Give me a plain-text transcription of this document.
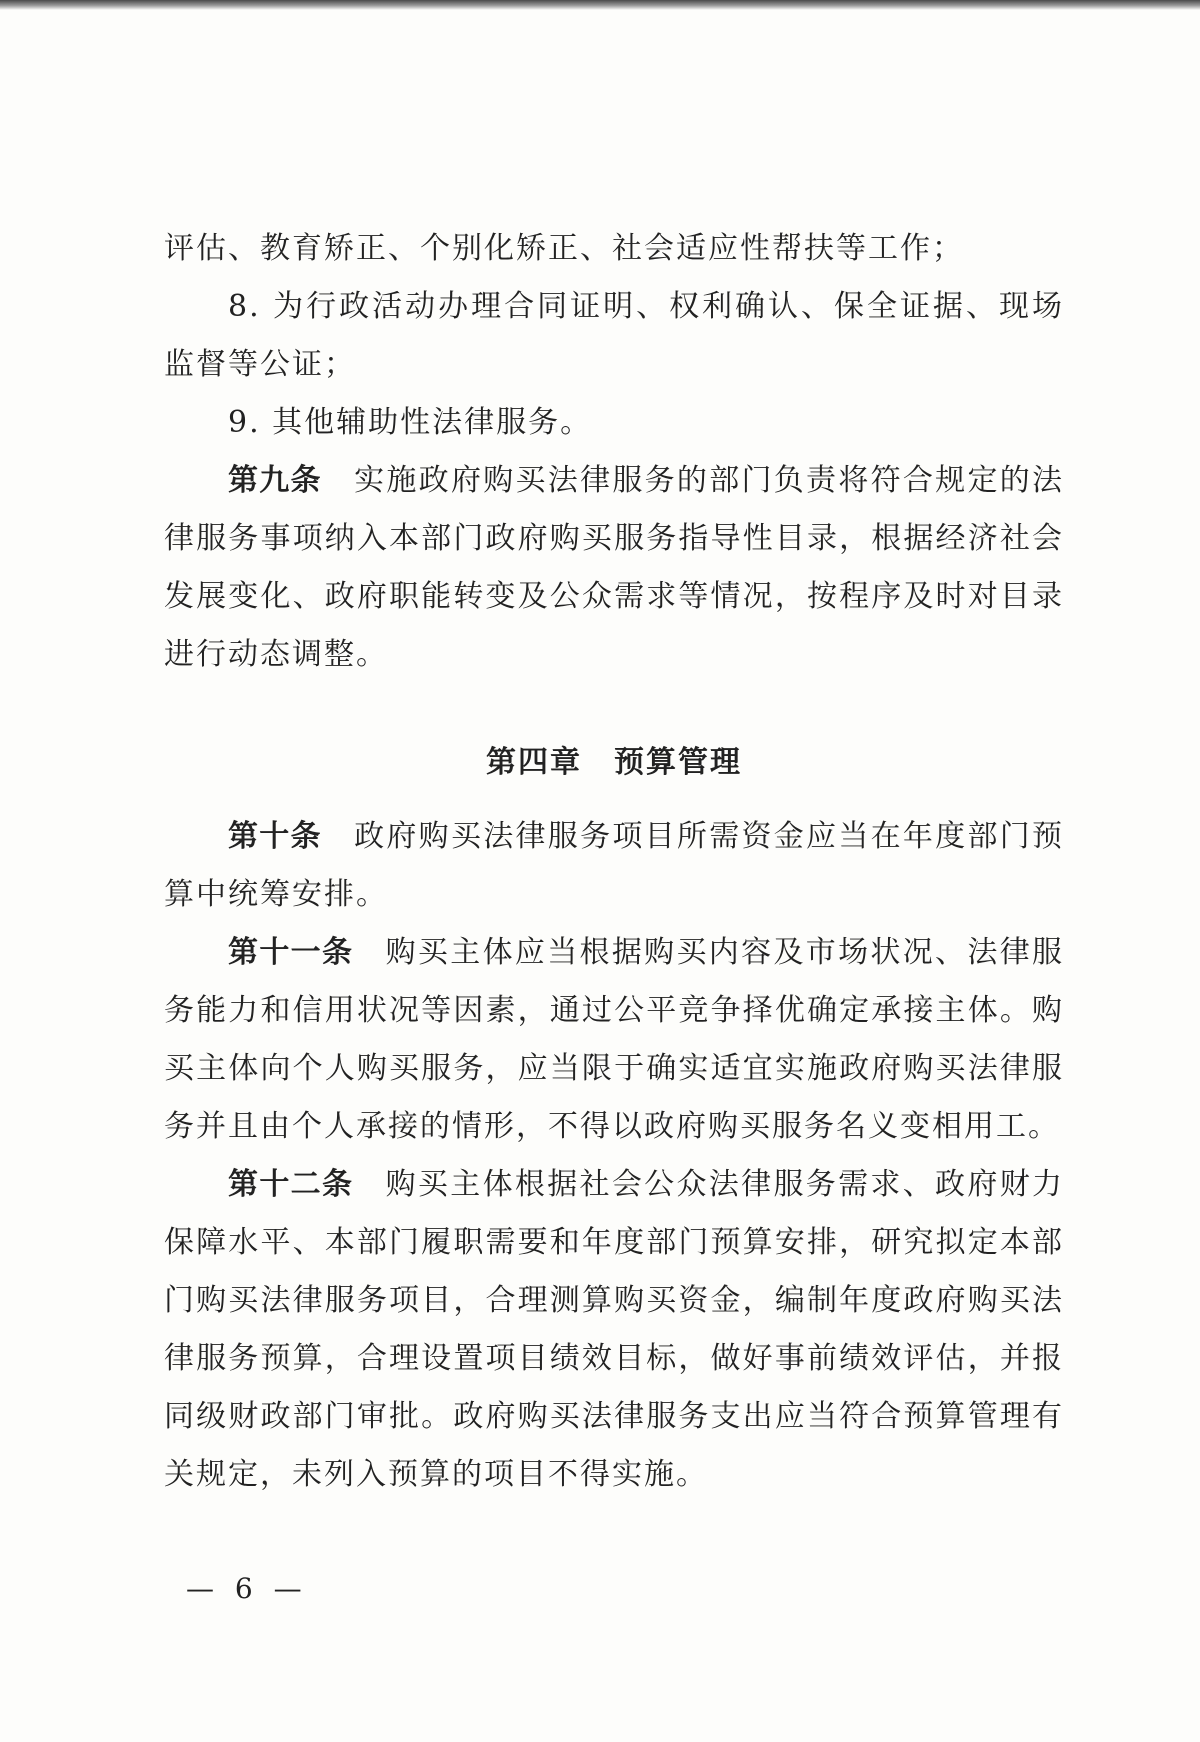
评估、教育矫正、个别化矫正、社会适应性帮扶等工作；
8. 为行政活动办理合同证明、权利确认、保全证据、现场
监督等公证；
9. 其他辅助性法律服务。
第九条　 实施政府购买法律服务的部门负责将符合规定的法
律服务事项纳入本部门政府购买服务指导性目录，根据经济社会
发展变化、政府职能转变及公众需求等情况，按程序及时对目录
进行动态调整。
第十条　 政府购买法律服务项目所需资金应当在年度部门预
算中统筹安排。
第十一条　 购买主体应当根据购买内容及市场状况、法律服
务能力和信用状况等因素，通过公平竞争择优确定承接主体。购
买主体向个人购买服务，应当限于确实适宜实施政府购买法律服
务并且由个人承接的情形，不得以政府购买服务名义变相用工。
第十二条　 购买主体根据社会公众法律服务需求、政府财力
保障水平、本部门履职需要和年度部门预算安排，研究拟定本部
门购买法律服务项目，合理测算购买资金，编制年度政府购买法
律服务预算，合理设置项目绩效目标，做好事前绩效评估，并报
同级财政部门审批。政府购买法律服务支出应当符合预算管理有
关规定，未列入预算的项目不得实施。
第四章　预算管理
— 6 —
